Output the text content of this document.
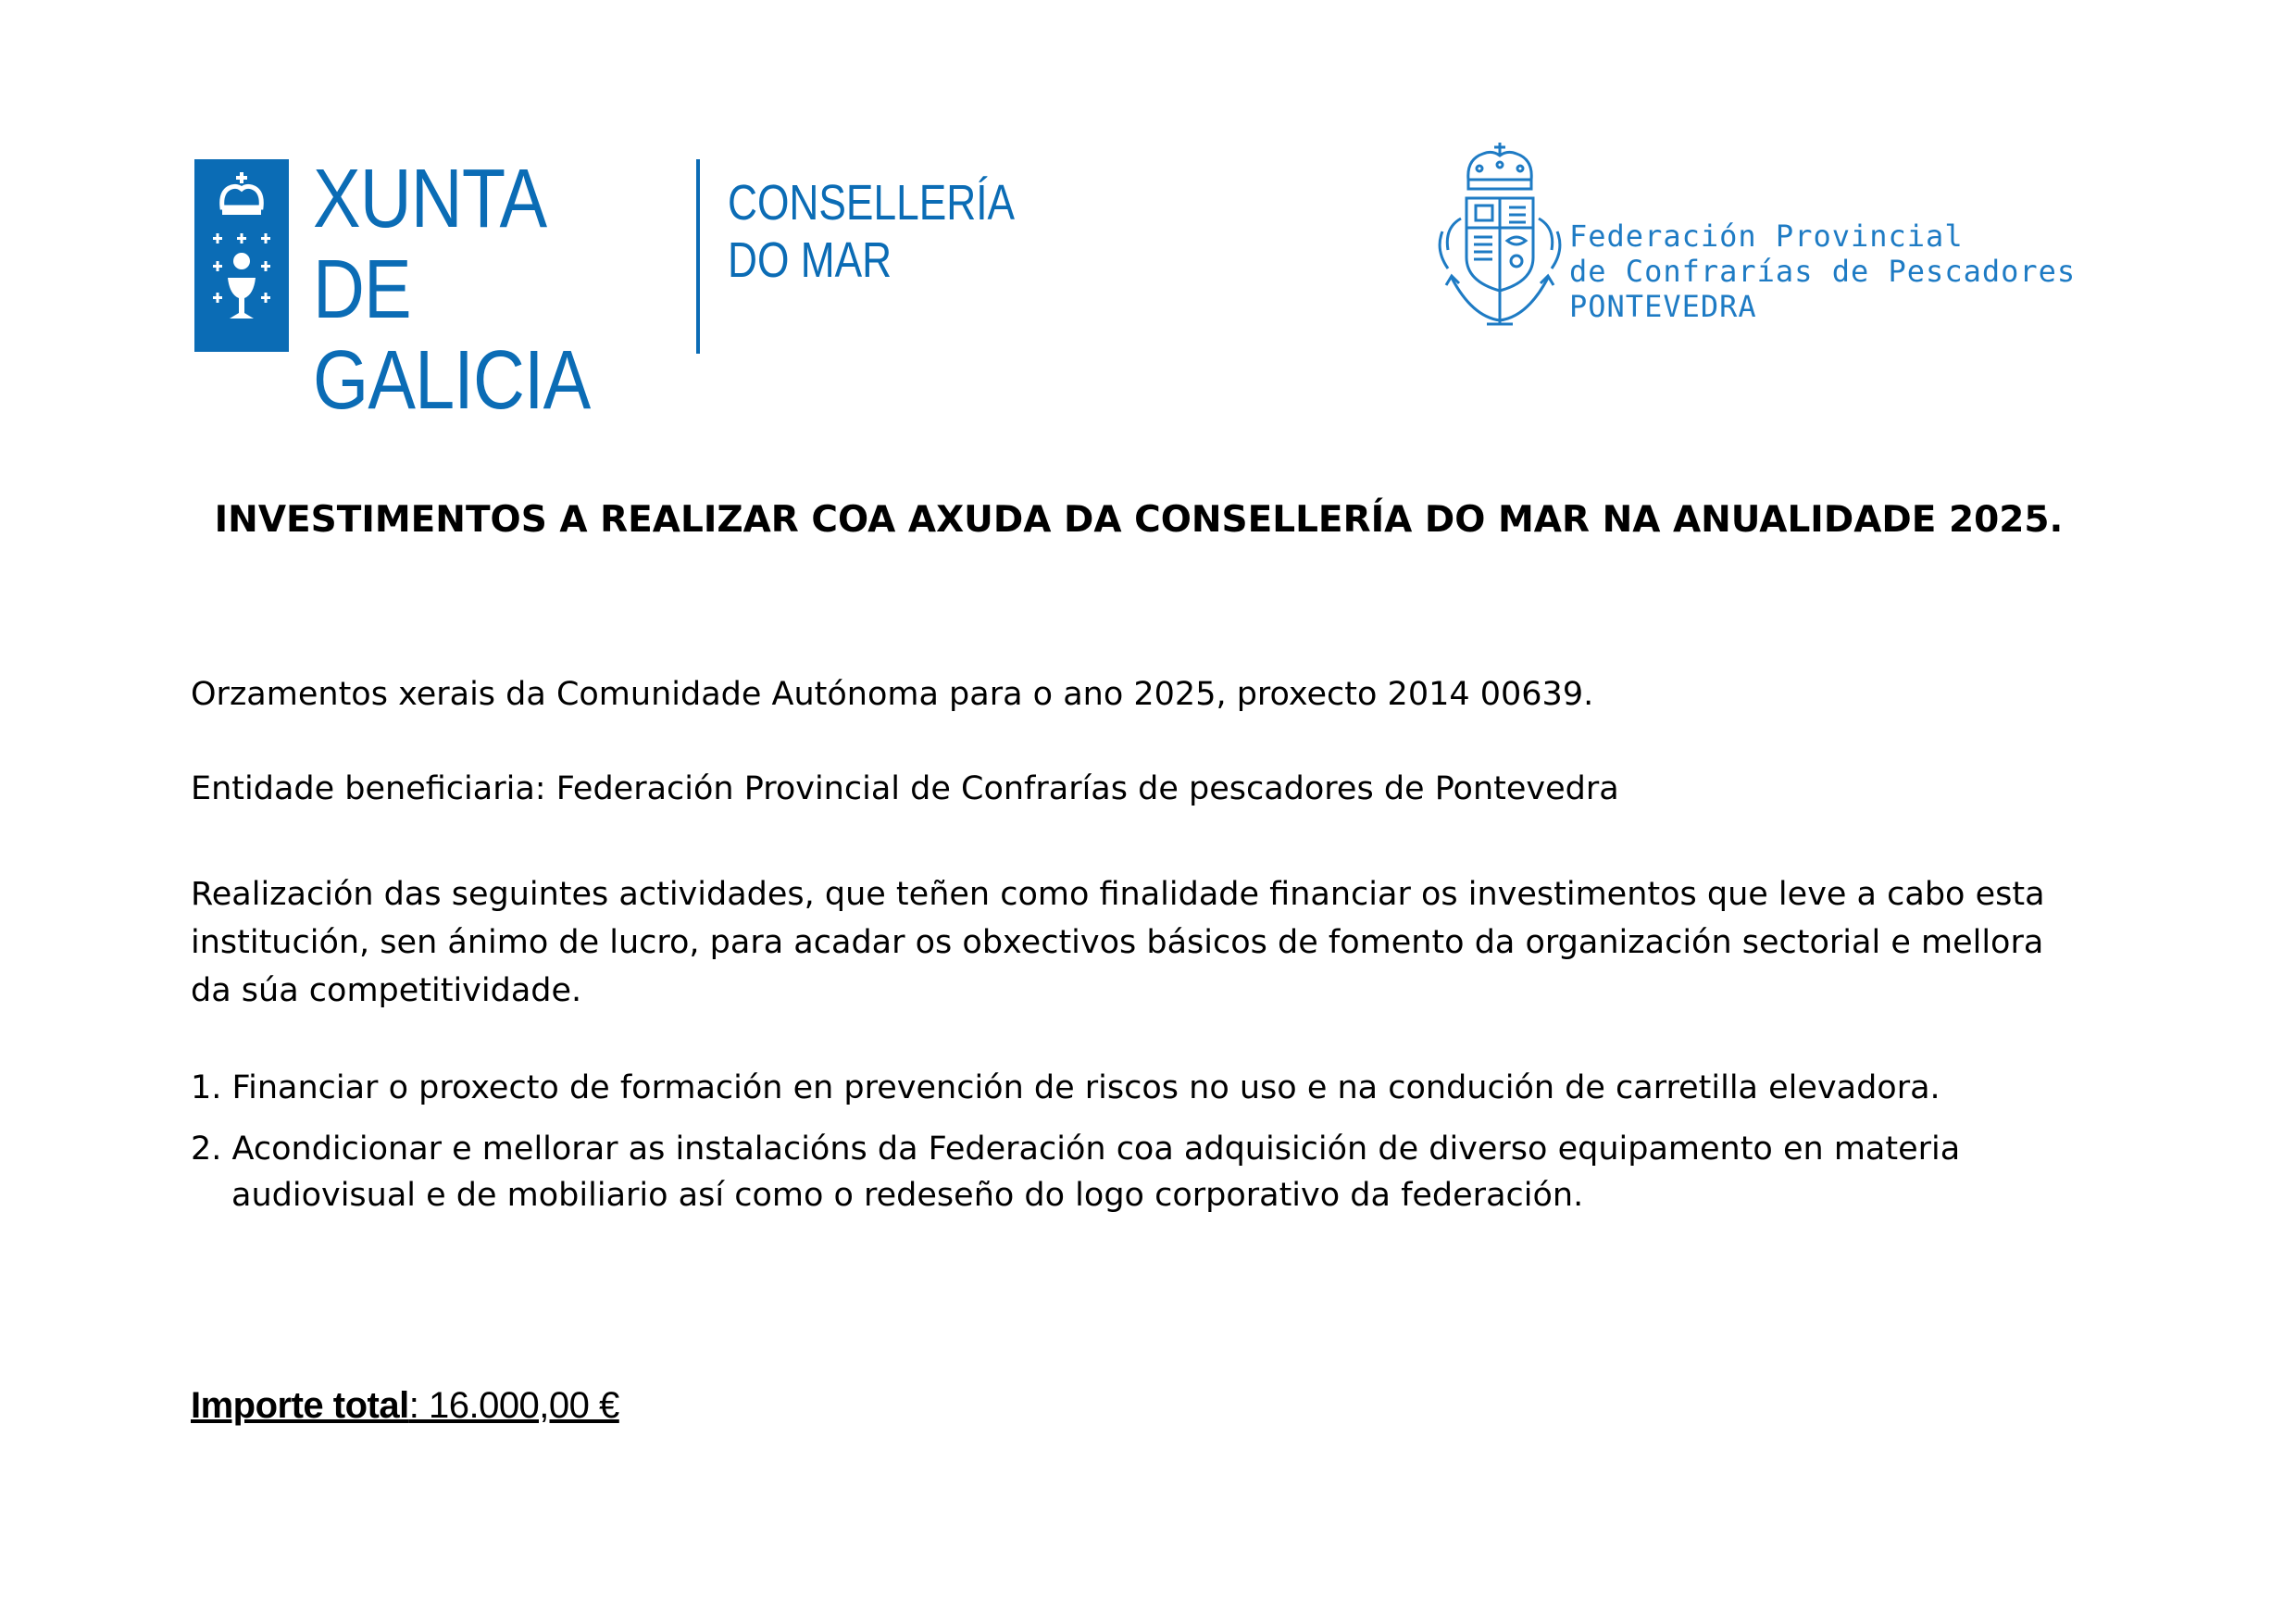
XUNTA
DE GALICIA
CONSELLERÍA
DO MAR	Federación Provincial
de Confrarías de Pescadores
PONTEVEDRA
INVESTIMENTOS A REALIZAR COA AXUDA DA CONSELLERÍA DO MAR NA ANUALIDADE 2025.
Orzamentos xerais da Comunidade Autónoma para o ano 2025, proxecto 2014 00639.
Entidade beneficiaria: Federación Provincial de Confrarías de pescadores de Pontevedra
Realización das seguintes actividades, que teñen como finalidade financiar os investimentos que leve a cabo esta institución, sen ánimo de lucro, para acadar os obxectivos básicos de fomento da organización sectorial e mellora da súa competitividade.
1. Financiar o proxecto de formación en prevención de riscos no uso e na condución de carretilla elevadora.
2. Acondicionar e mellorar as instalacións da Federación coa adquisición de diverso equipamento en materia audiovisual e de mobiliario así como o redeseño do logo corporativo da federación.
Importe total: 16.000,00 €
